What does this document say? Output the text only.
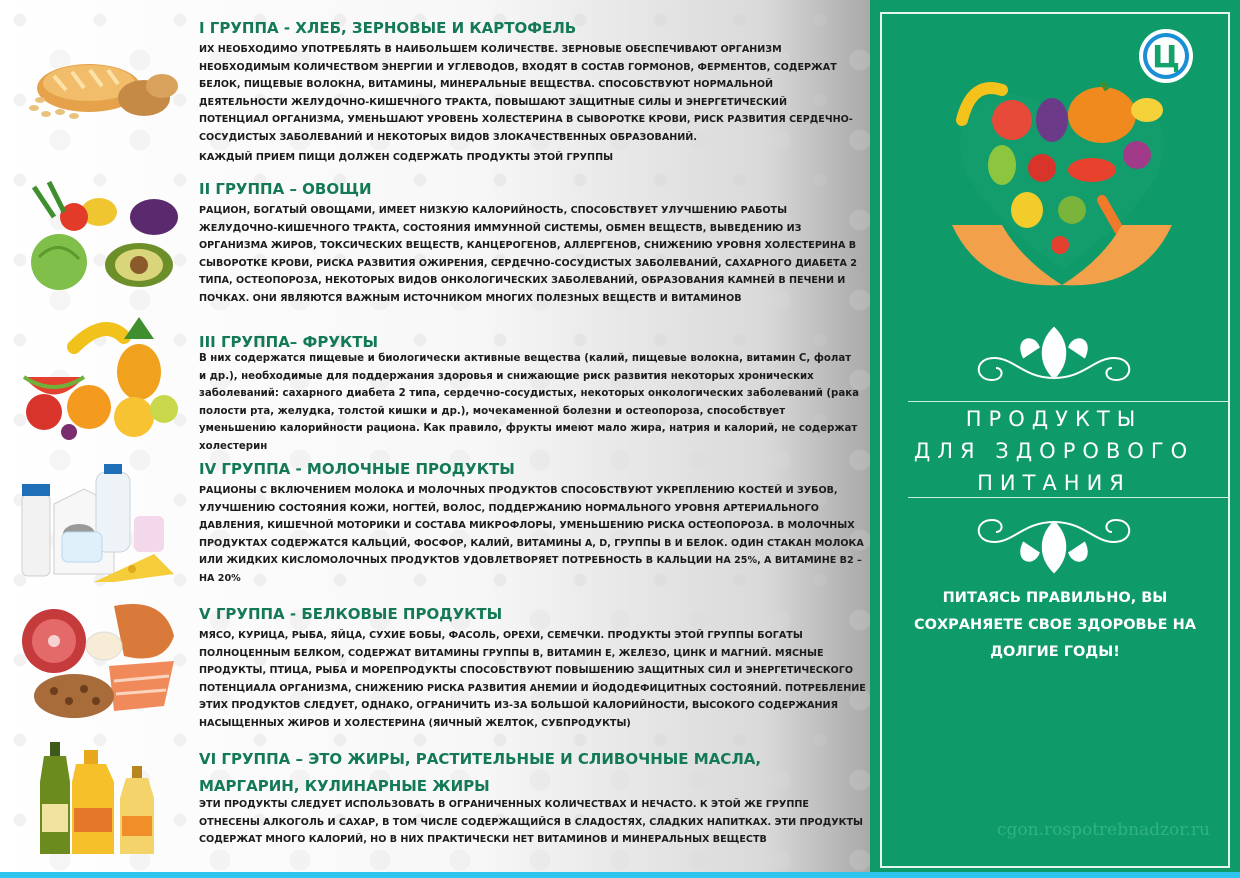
I ГРУППА - ХЛЕБ, ЗЕРНОВЫЕ И КАРТОФЕЛЬ

ИХ НЕОБХОДИМО УПОТРЕБЛЯТЬ В НАИБОЛЬШЕМ КОЛИЧЕСТВЕ. ЗЕРНОВЫЕ ОБЕСПЕЧИВАЮТ ОРГАНИЗМ НЕОБХОДИМЫМ КОЛИЧЕСТВОМ ЭНЕРГИИ И УГЛЕВОДОВ, ВХОДЯТ В СОСТАВ ГОРМОНОВ, ФЕРМЕНТОВ, СОДЕРЖАТ БЕЛОК, ПИЩЕВЫЕ ВОЛОКНА, ВИТАМИНЫ, МИНЕРАЛЬНЫЕ ВЕЩЕСТВА. СПОСОБСТВУЮТ НОРМАЛЬНОЙ ДЕЯТЕЛЬНОСТИ ЖЕЛУДОЧНО-КИШЕЧНОГО ТРАКТА, ПОВЫШАЮТ ЗАЩИТНЫЕ СИЛЫ И ЭНЕРГЕТИЧЕСКИЙ ПОТЕНЦИАЛ ОРГАНИЗМА, УМЕНЬШАЮТ УРОВЕНЬ ХОЛЕСТЕРИНА В СЫВОРОТКЕ КРОВИ, РИСК РАЗВИТИЯ СЕРДЕЧНО-СОСУДИСТЫХ ЗАБОЛЕВАНИЙ И НЕКОТОРЫХ ВИДОВ ЗЛОКАЧЕСТВЕННЫХ ОБРАЗОВАНИЙ.

КАЖДЫЙ ПРИЕМ ПИЩИ ДОЛЖЕН СОДЕРЖАТЬ ПРОДУКТЫ ЭТОЙ ГРУППЫ

II ГРУППА – ОВОЩИ

РАЦИОН, БОГАТЫЙ ОВОЩАМИ, ИМЕЕТ НИЗКУЮ КАЛОРИЙНОСТЬ, СПОСОБСТВУЕТ УЛУЧШЕНИЮ РАБОТЫ ЖЕЛУДОЧНО-КИШЕЧНОГО ТРАКТА, СОСТОЯНИЯ ИММУННОЙ СИСТЕМЫ, ОБМЕН ВЕЩЕСТВ, ВЫВЕДЕНИЮ ИЗ ОРГАНИЗМА ЖИРОВ, ТОКСИЧЕСКИХ ВЕЩЕСТВ, КАНЦЕРОГЕНОВ, АЛЛЕРГЕНОВ, СНИЖЕНИЮ УРОВНЯ ХОЛЕСТЕРИНА В СЫВОРОТКЕ КРОВИ, РИСКА РАЗВИТИЯ ОЖИРЕНИЯ, СЕРДЕЧНО-СОСУДИСТЫХ ЗАБОЛЕВАНИЙ, САХАРНОГО ДИАБЕТА 2 ТИПА, ОСТЕОПОРОЗА, НЕКОТОРЫХ ВИДОВ ОНКОЛОГИЧЕСКИХ ЗАБОЛЕВАНИЙ, ОБРАЗОВАНИЯ КАМНЕЙ В ПЕЧЕНИ И ПОЧКАХ. ОНИ ЯВЛЯЮТСЯ ВАЖНЫМ ИСТОЧНИКОМ МНОГИХ ПОЛЕЗНЫХ ВЕЩЕСТВ И ВИТАМИНОВ

III ГРУППА– ФРУКТЫ

В них содержатся пищевые и биологически активные вещества (калий, пищевые волокна, витамин С, фолат и др.), необходимые для поддержания здоровья и снижающие риск развития некоторых хронических заболеваний: сахарного диабета 2 типа, сердечно-сосудистых, некоторых онкологических заболеваний (рака полости рта, желудка, толстой кишки и др.), мочекаменной болезни и остеопороза, способствует уменьшению калорийности рациона. Как правило, фрукты имеют мало жира, натрия и калорий, не содержат холестерин

IV ГРУППА - МОЛОЧНЫЕ ПРОДУКТЫ

РАЦИОНЫ С ВКЛЮЧЕНИЕМ МОЛОКА И МОЛОЧНЫХ ПРОДУКТОВ СПОСОБСТВУЮТ УКРЕПЛЕНИЮ КОСТЕЙ И ЗУБОВ, УЛУЧШЕНИЮ СОСТОЯНИЯ КОЖИ, НОГТЕЙ, ВОЛОС, ПОДДЕРЖАНИЮ НОРМАЛЬНОГО УРОВНЯ АРТЕРИАЛЬНОГО ДАВЛЕНИЯ, КИШЕЧНОЙ МОТОРИКИ И СОСТАВА МИКРОФЛОРЫ, УМЕНЬШЕНИЮ РИСКА ОСТЕОПОРОЗА. В МОЛОЧНЫХ ПРОДУКТАХ СОДЕРЖАТСЯ КАЛЬЦИЙ, ФОСФОР, КАЛИЙ, ВИТАМИНЫ А, D, ГРУППЫ В И БЕЛОК. ОДИН СТАКАН МОЛОКА ИЛИ ЖИДКИХ КИСЛОМОЛОЧНЫХ ПРОДУКТОВ УДОВЛЕТВОРЯЕТ ПОТРЕБНОСТЬ В КАЛЬЦИИ НА 25%, А ВИТАМИНЕ В2 – НА 20%

V ГРУППА - БЕЛКОВЫЕ ПРОДУКТЫ

МЯСО, КУРИЦА, РЫБА, ЯЙЦА, СУХИЕ БОБЫ, ФАСОЛЬ, ОРЕХИ, СЕМЕЧКИ. ПРОДУКТЫ ЭТОЙ ГРУППЫ БОГАТЫ ПОЛНОЦЕННЫМ БЕЛКОМ, СОДЕРЖАТ ВИТАМИНЫ ГРУППЫ В, ВИТАМИН Е, ЖЕЛЕЗО, ЦИНК И МАГНИЙ. МЯСНЫЕ ПРОДУКТЫ, ПТИЦА, РЫБА И МОРЕПРОДУКТЫ СПОСОБСТВУЮТ ПОВЫШЕНИЮ ЗАЩИТНЫХ СИЛ И ЭНЕРГЕТИЧЕСКОГО ПОТЕНЦИАЛА ОРГАНИЗМА, СНИЖЕНИЮ РИСКА РАЗВИТИЯ АНЕМИИ И ЙОДОДЕФИЦИТНЫХ СОСТОЯНИЙ. ПОТРЕБЛЕНИЕ ЭТИХ ПРОДУКТОВ СЛЕДУЕТ, ОДНАКО, ОГРАНИЧИТЬ ИЗ-ЗА БОЛЬШОЙ КАЛОРИЙНОСТИ, ВЫСОКОГО СОДЕРЖАНИЯ НАСЫЩЕННЫХ ЖИРОВ И ХОЛЕСТЕРИНА (ЯИЧНЫЙ ЖЕЛТОК, СУБПРОДУКТЫ)

VI ГРУППА – ЭТО ЖИРЫ, РАСТИТЕЛЬНЫЕ И СЛИВОЧНЫЕ МАСЛА, МАРГАРИН, КУЛИНАРНЫЕ ЖИРЫ

ЭТИ ПРОДУКТЫ СЛЕДУЕТ ИСПОЛЬЗОВАТЬ В ОГРАНИЧЕННЫХ КОЛИЧЕСТВАХ И НЕЧАСТО. К ЭТОЙ ЖЕ ГРУППЕ ОТНЕСЕНЫ АЛКОГОЛЬ И САХАР, В ТОМ ЧИСЛЕ СОДЕРЖАЩИЙСЯ В СЛАДОСТЯХ, СЛАДКИХ НАПИТКАХ. ЭТИ ПРОДУКТЫ СОДЕРЖАТ МНОГО КАЛОРИЙ, НО В НИХ ПРАКТИЧЕСКИ НЕТ ВИТАМИНОВ И МИНЕРАЛЬНЫХ ВЕЩЕСТВ

Ц

ПРОДУКТЫ

ДЛЯ ЗДОРОВОГО

ПИТАНИЯ

ПИТАЯСЬ ПРАВИЛЬНО, ВЫ СОХРАНЯЕТЕ СВОЕ ЗДОРОВЬЕ НА ДОЛГИЕ ГОДЫ!

cgon.rospotrebnadzor.ru
